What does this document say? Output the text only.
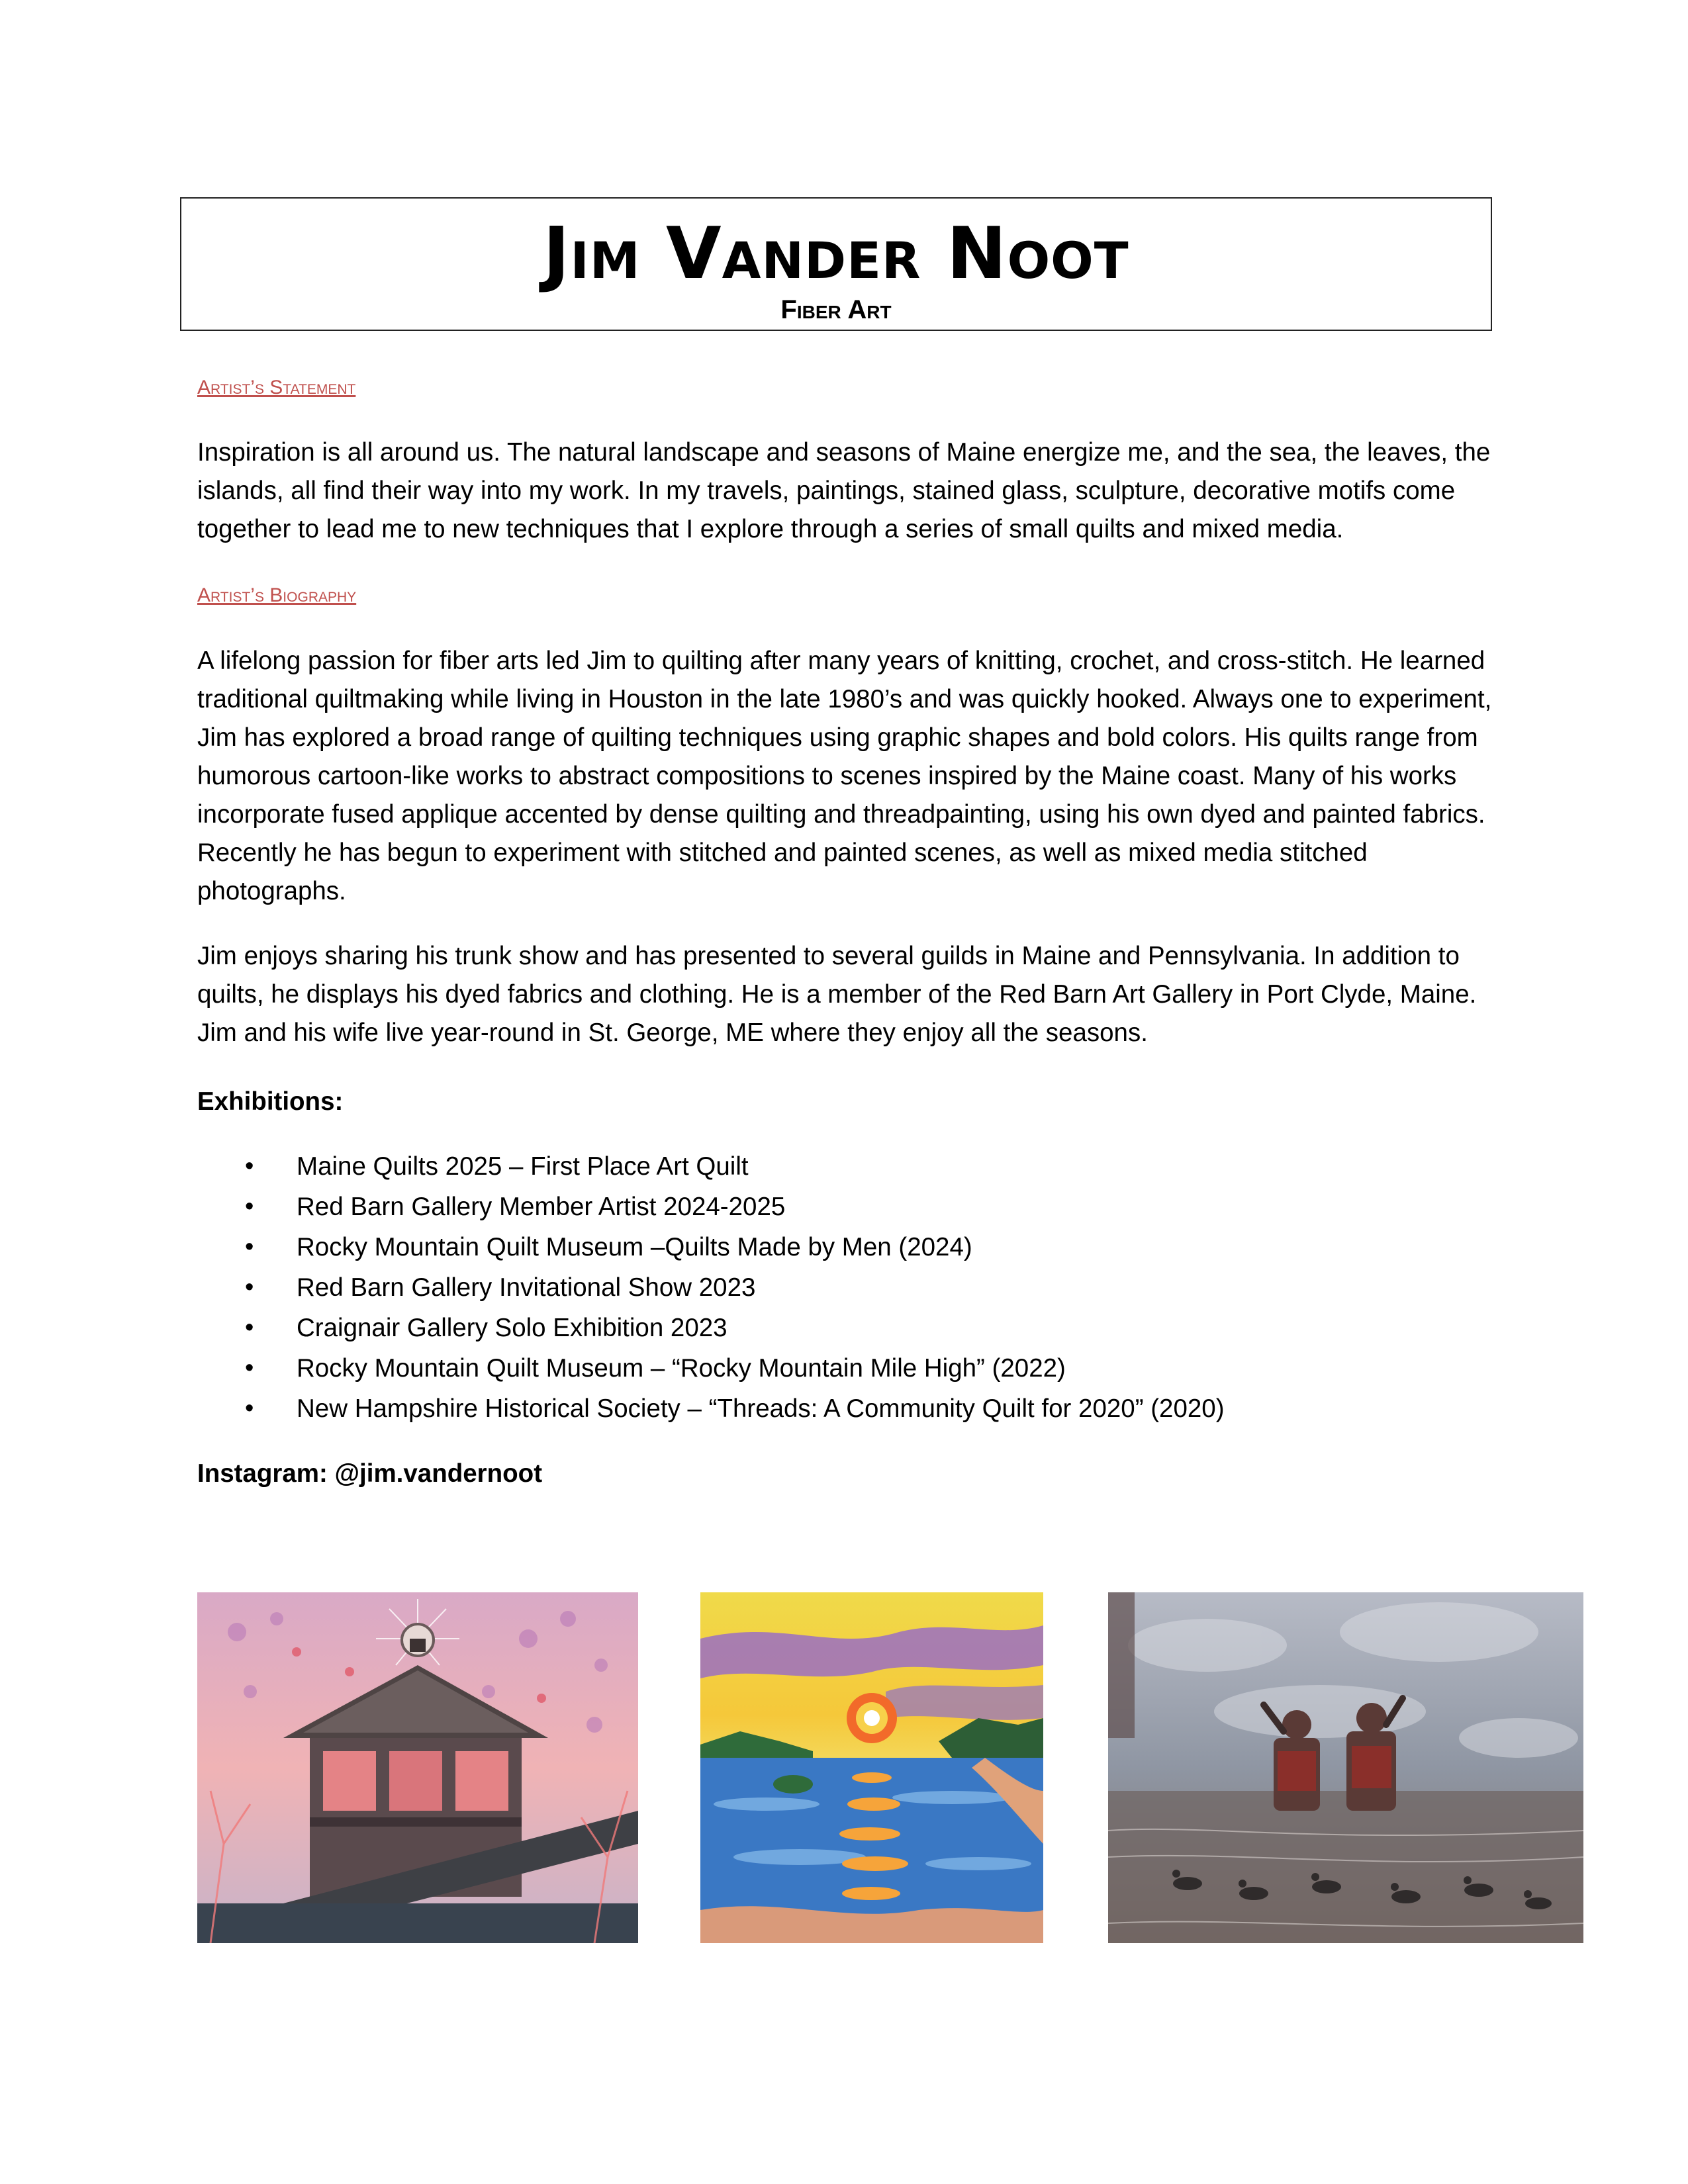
Jim Vander Noot
Fiber Art
Artist’s Statement

Inspiration is all around us. The natural landscape and seasons of Maine energize me, and the sea, the leaves, the islands, all find their way into my work. In my travels, paintings, stained glass, sculpture, decorative motifs come together to lead me to new techniques that I explore through a series of small quilts and mixed media.

Artist’s Biography

A lifelong passion for fiber arts led Jim to quilting after many years of knitting, crochet, and cross-stitch. He learned traditional quiltmaking while living in Houston in the late 1980’s and was quickly hooked. Always one to experiment, Jim has explored a broad range of quilting techniques using graphic shapes and bold colors. His quilts range from humorous cartoon-like works to abstract compositions to scenes inspired by the Maine coast. Many of his works incorporate fused applique accented by dense quilting and threadpainting, using his own dyed and painted fabrics. Recently he has begun to experiment with stitched and painted scenes, as well as mixed media stitched photographs.

Jim enjoys sharing his trunk show and has presented to several guilds in Maine and Pennsylvania. In addition to quilts, he displays his dyed fabrics and clothing. He is a member of the Red Barn Art Gallery in Port Clyde, Maine. Jim and his wife live year-round in St. George, ME where they enjoy all the seasons.

Exhibitions:

• Maine Quilts 2025 – First Place Art Quilt
• Red Barn Gallery Member Artist 2024-2025
• Rocky Mountain Quilt Museum –Quilts Made by Men (2024)
• Red Barn Gallery Invitational Show 2023
• Craignair Gallery Solo Exhibition 2023
• Rocky Mountain Quilt Museum – “Rocky Mountain Mile High” (2022)
• New Hampshire Historical Society – “Threads: A Community Quilt for 2020” (2020)

Instagram: @jim.vandernoot
